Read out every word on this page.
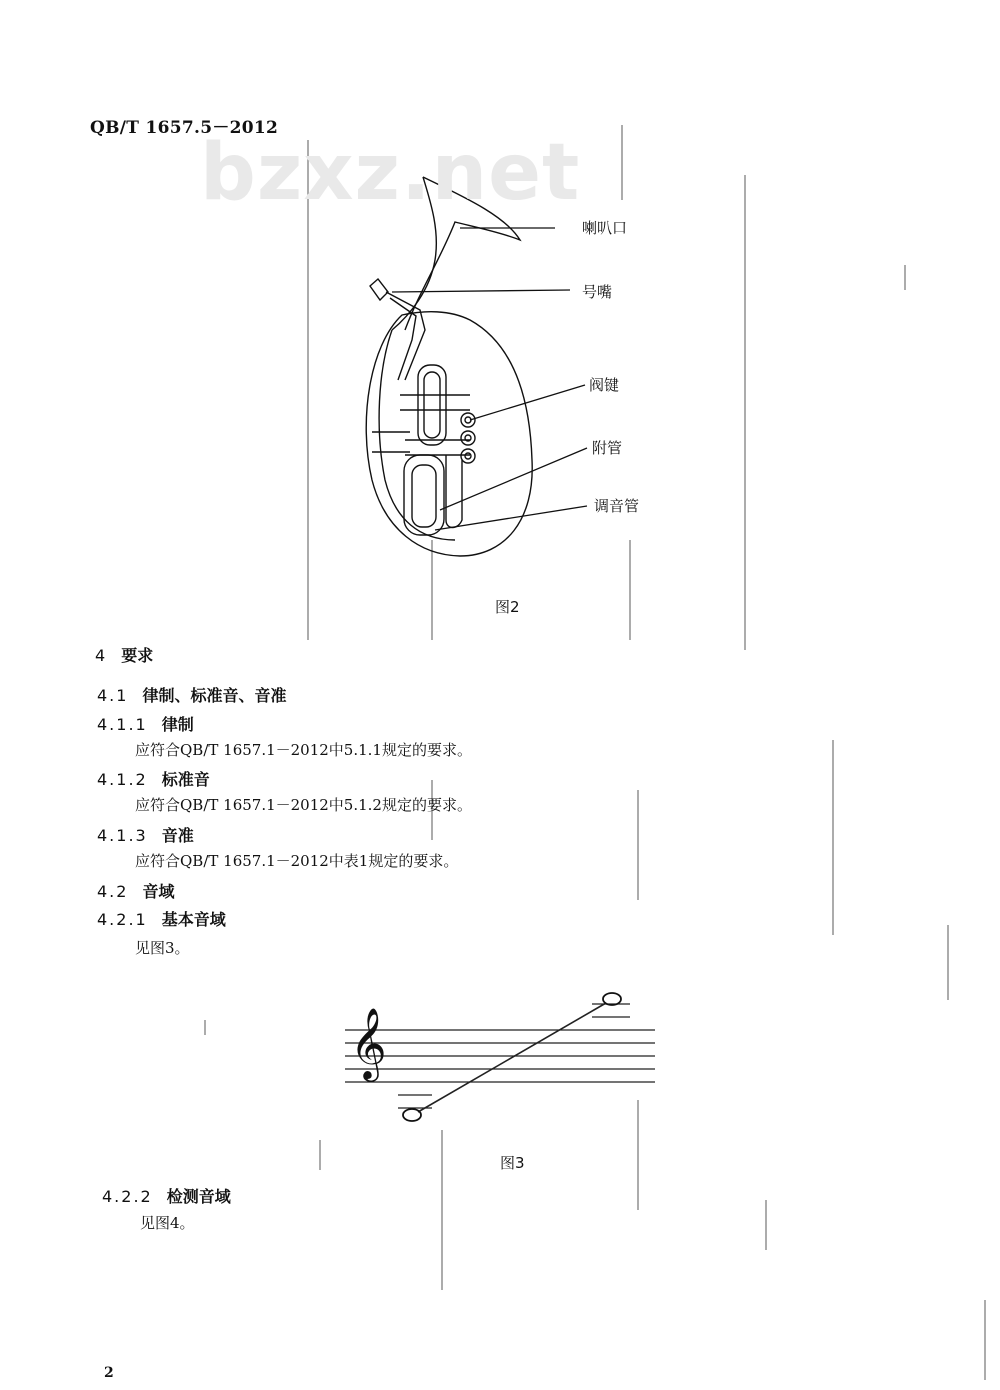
QB/T 1657.5－2012
bzxz.net
𝄞
喇叭口
号嘴
阀键
附管
调音管
图2
4 要求
4.1 律制、标准音、音准
4.1.1 律制
应符合QB/T 1657.1－2012中5.1.1规定的要求。
4.1.2 标准音
应符合QB/T 1657.1－2012中5.1.2规定的要求。
4.1.3 音准
应符合QB/T 1657.1－2012中表1规定的要求。
4.2 音域
4.2.1 基本音域
见图3。
图3
4.2.2 检测音域
见图4。
2
